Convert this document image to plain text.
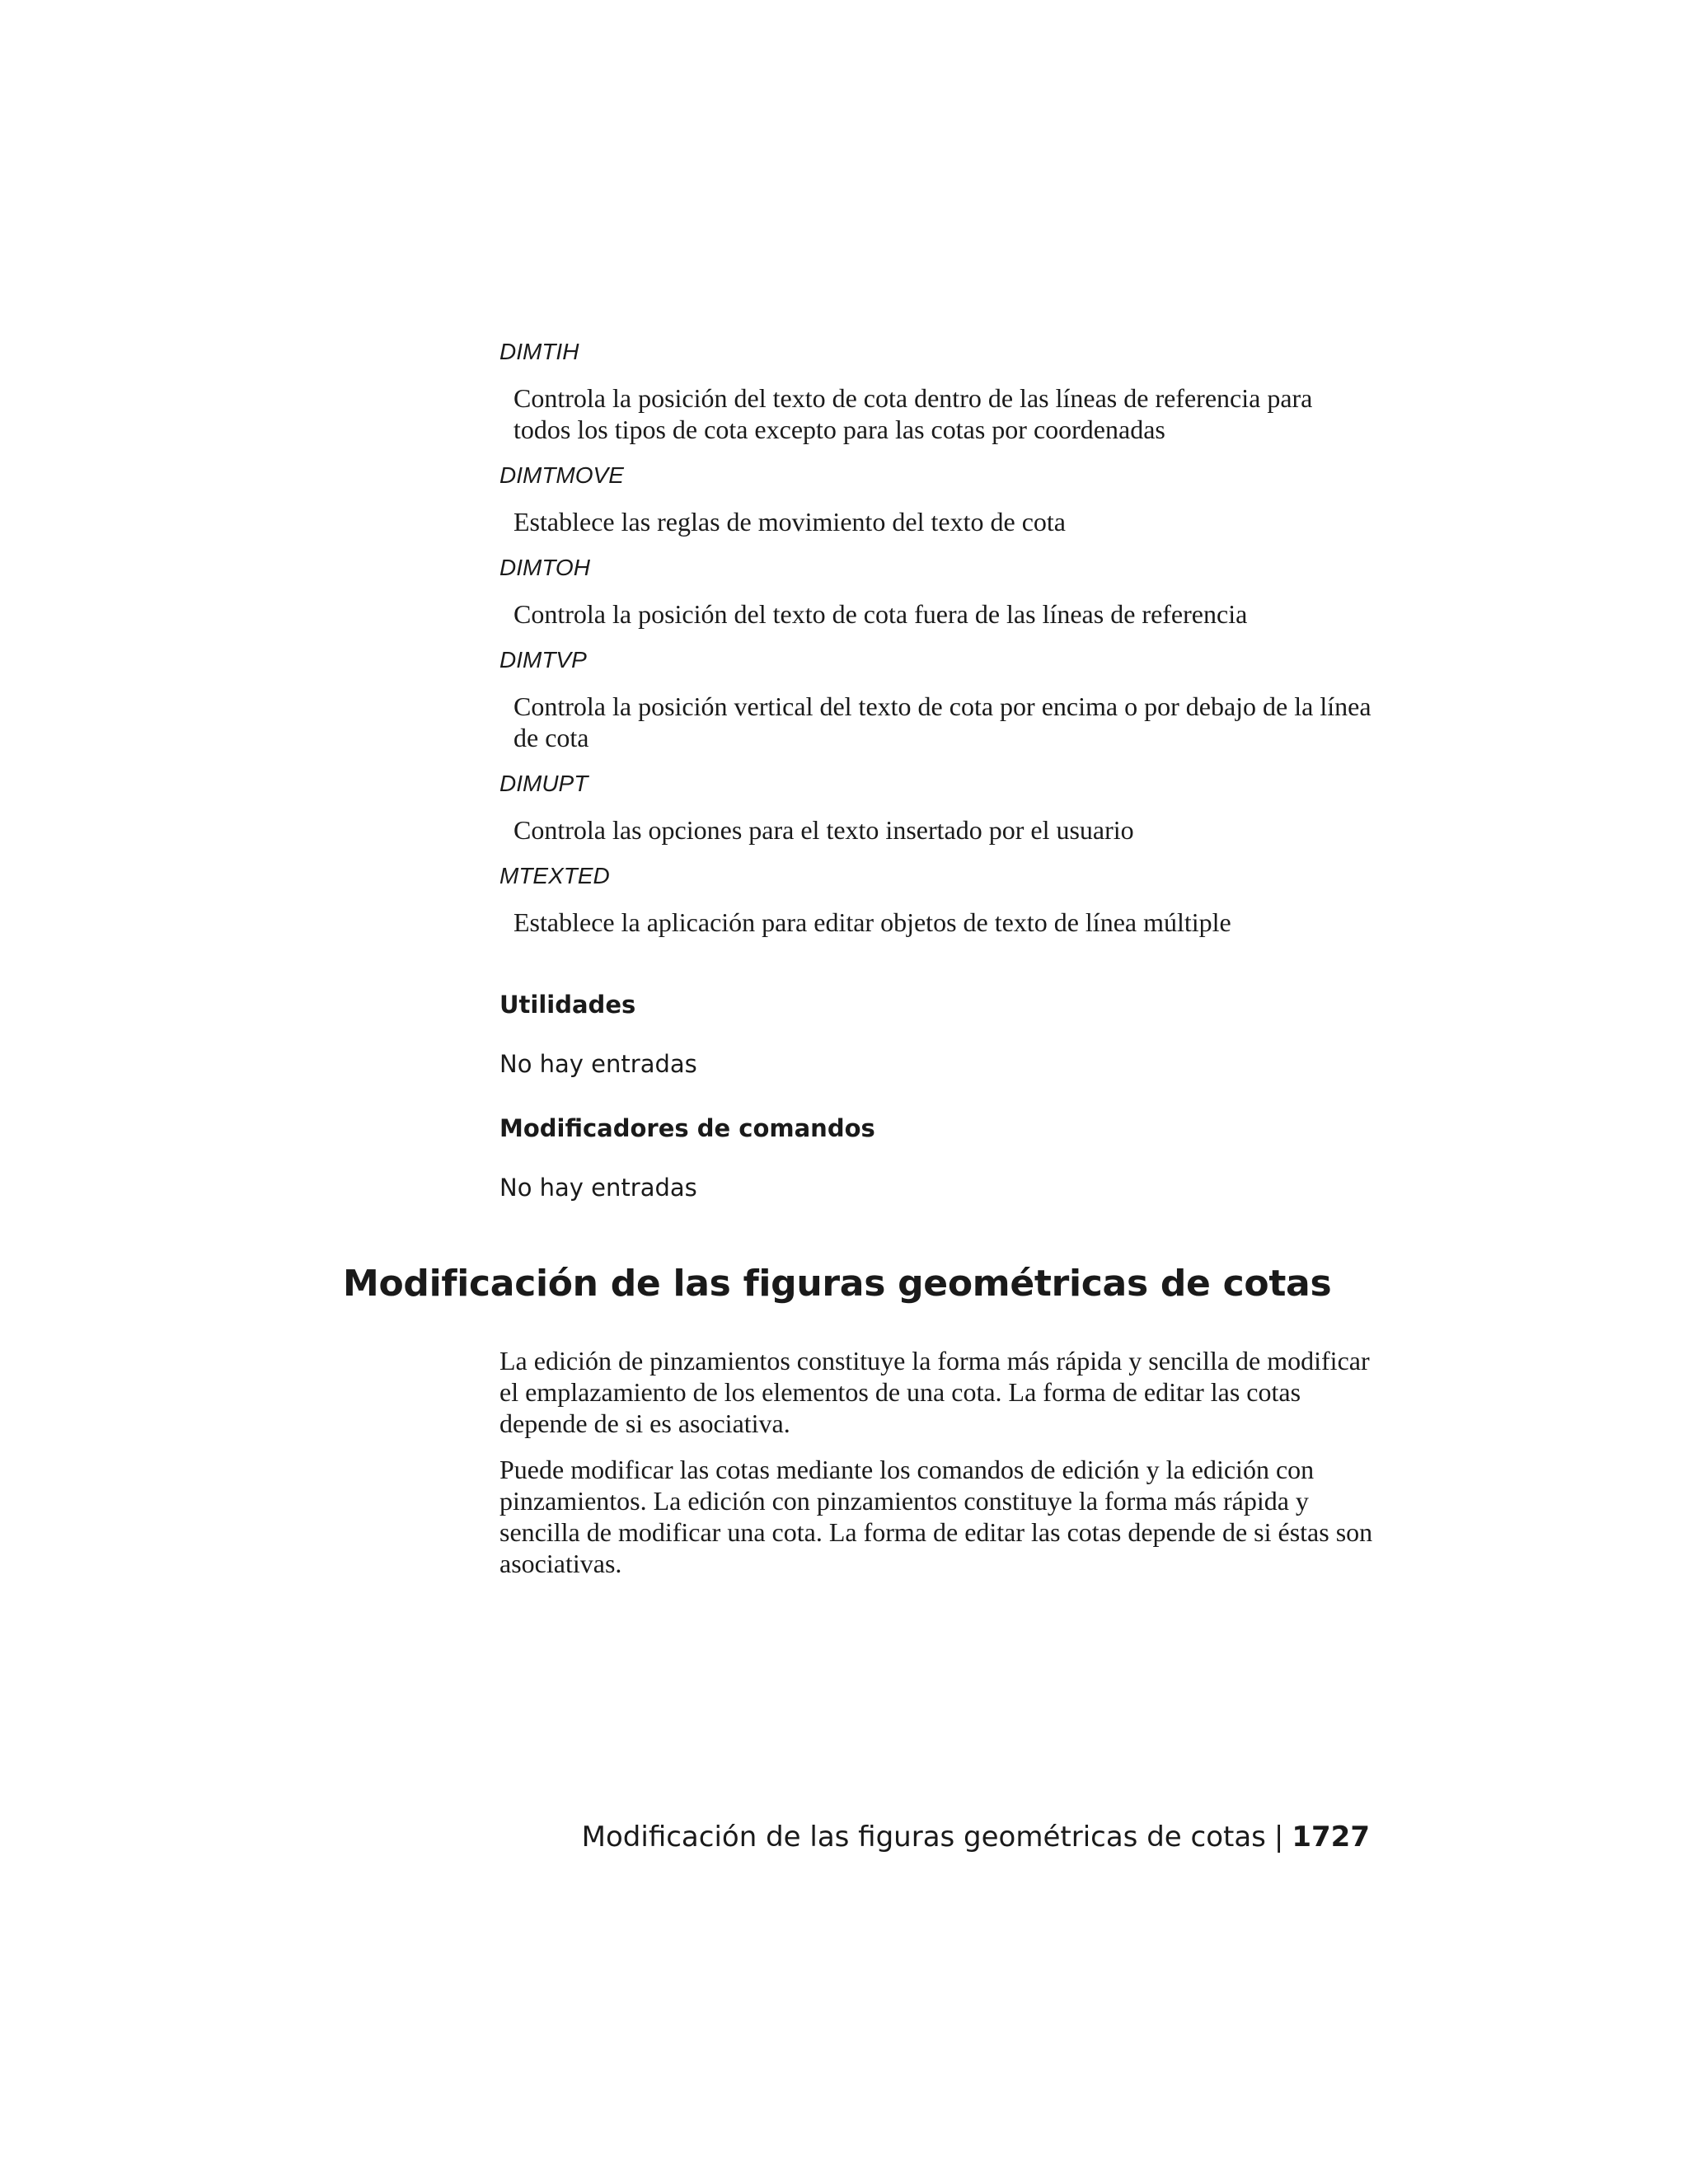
DIMTIH

Controla la posición del texto de cota dentro de las líneas de referencia para todos los tipos de cota excepto para las cotas por coordenadas

DIMTMOVE

Establece las reglas de movimiento del texto de cota

DIMTOH

Controla la posición del texto de cota fuera de las líneas de referencia

DIMTVP

Controla la posición vertical del texto de cota por encima o por debajo de la línea de cota

DIMUPT

Controla las opciones para el texto insertado por el usuario

MTEXTED

Establece la aplicación para editar objetos de texto de línea múltiple

Utilidades

No hay entradas

Modificadores de comandos

No hay entradas

Modificación de las figuras geométricas de cotas

La edición de pinzamientos constituye la forma más rápida y sencilla de modificar el emplazamiento de los elementos de una cota. La forma de editar las cotas depende de si es asociativa.

Puede modificar las cotas mediante los comandos de edición y la edición con pinzamientos. La edición con pinzamientos constituye la forma más rápida y sencilla de modificar una cota. La forma de editar las cotas depende de si éstas son asociativas.

Modificación de las figuras geométricas de cotas | 1727
